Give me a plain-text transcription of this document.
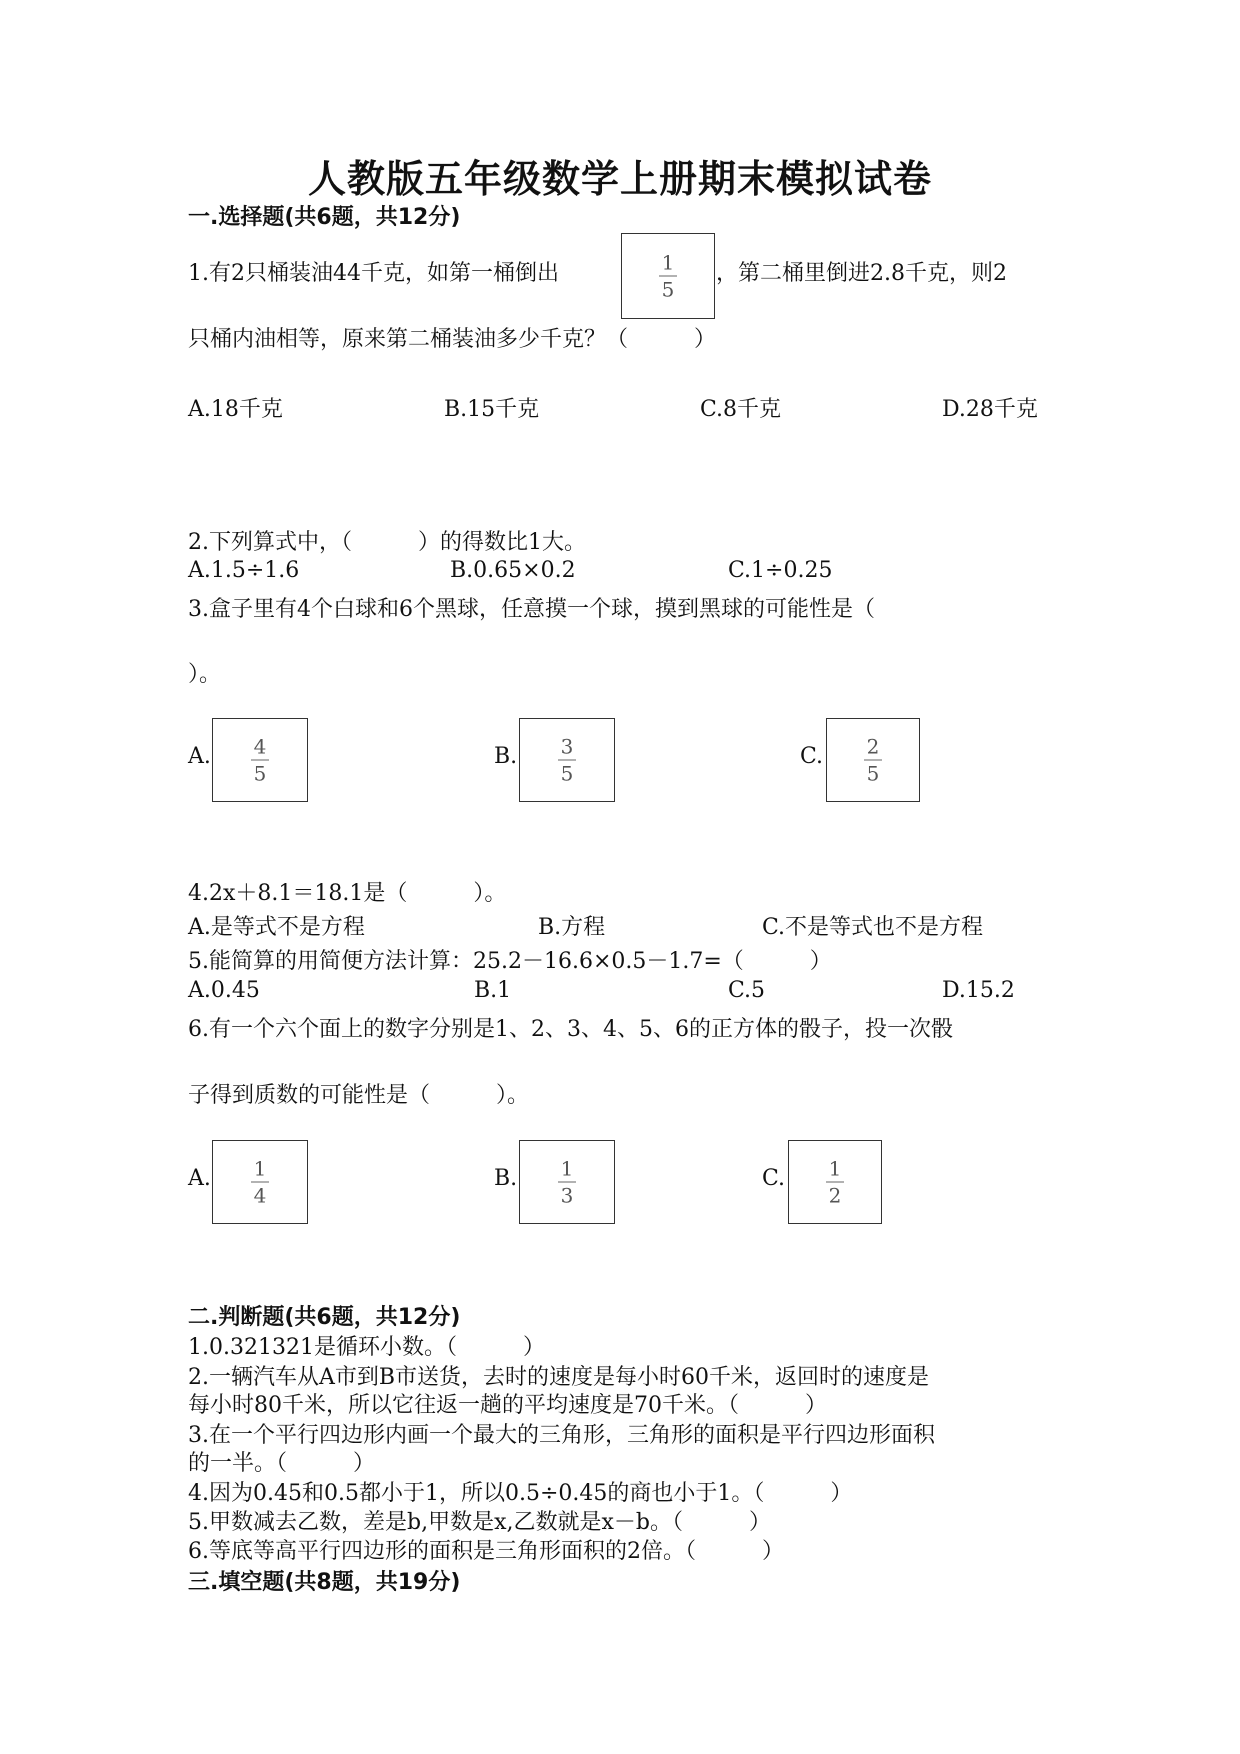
人教版五年级数学上册期末模拟试卷
一.选择题(共6题，共12分)
1.有2只桶装油44千克，如第一桶倒出	1
5
，第二桶里倒进2.8千克，则2
只桶内油相等，原来第二桶装油多少千克？（　　　）
A.18千克	B.15千克	C.8千克	D.28千克
2.下列算式中，（　　　）的得数比1大。
A.1.5÷1.6	B.0.65×0.2	C.1÷0.25
3.盒子里有4个白球和6个黑球，任意摸一个球，摸到黑球的可能性是（
）。
A. 4
5
B. 3
5
C. 2
5
4.2x＋8.1＝18.1是（　　　）。
A.是等式不是方程	B.方程	C.不是等式也不是方程
5.能简算的用简便方法计算：25.2－16.6×0.5－1.7=（　　　）
A.0.45	B.1	C.5	D.15.2
6.有一个六个面上的数字分别是1、2、3、4、5、6的正方体的骰子，投一次骰
子得到质数的可能性是（　　　）。
A. 1
4
B. 1
3
C. 1
2
二.判断题(共6题，共12分)
1.0.321321是循环小数。（　　　）
2.一辆汽车从A市到B市送货，去时的速度是每小时60千米，返回时的速度是
每小时80千米，所以它往返一趟的平均速度是70千米。（　　　）
3.在一个平行四边形内画一个最大的三角形，三角形的面积是平行四边形面积
的一半。（　　　）
4.因为0.45和0.5都小于1，所以0.5÷0.45的商也小于1。（　　　）
5.甲数减去乙数，差是b,甲数是x,乙数就是x－b。（　　　）
6.等底等高平行四边形的面积是三角形面积的2倍。（　　　）
三.填空题(共8题，共19分)
